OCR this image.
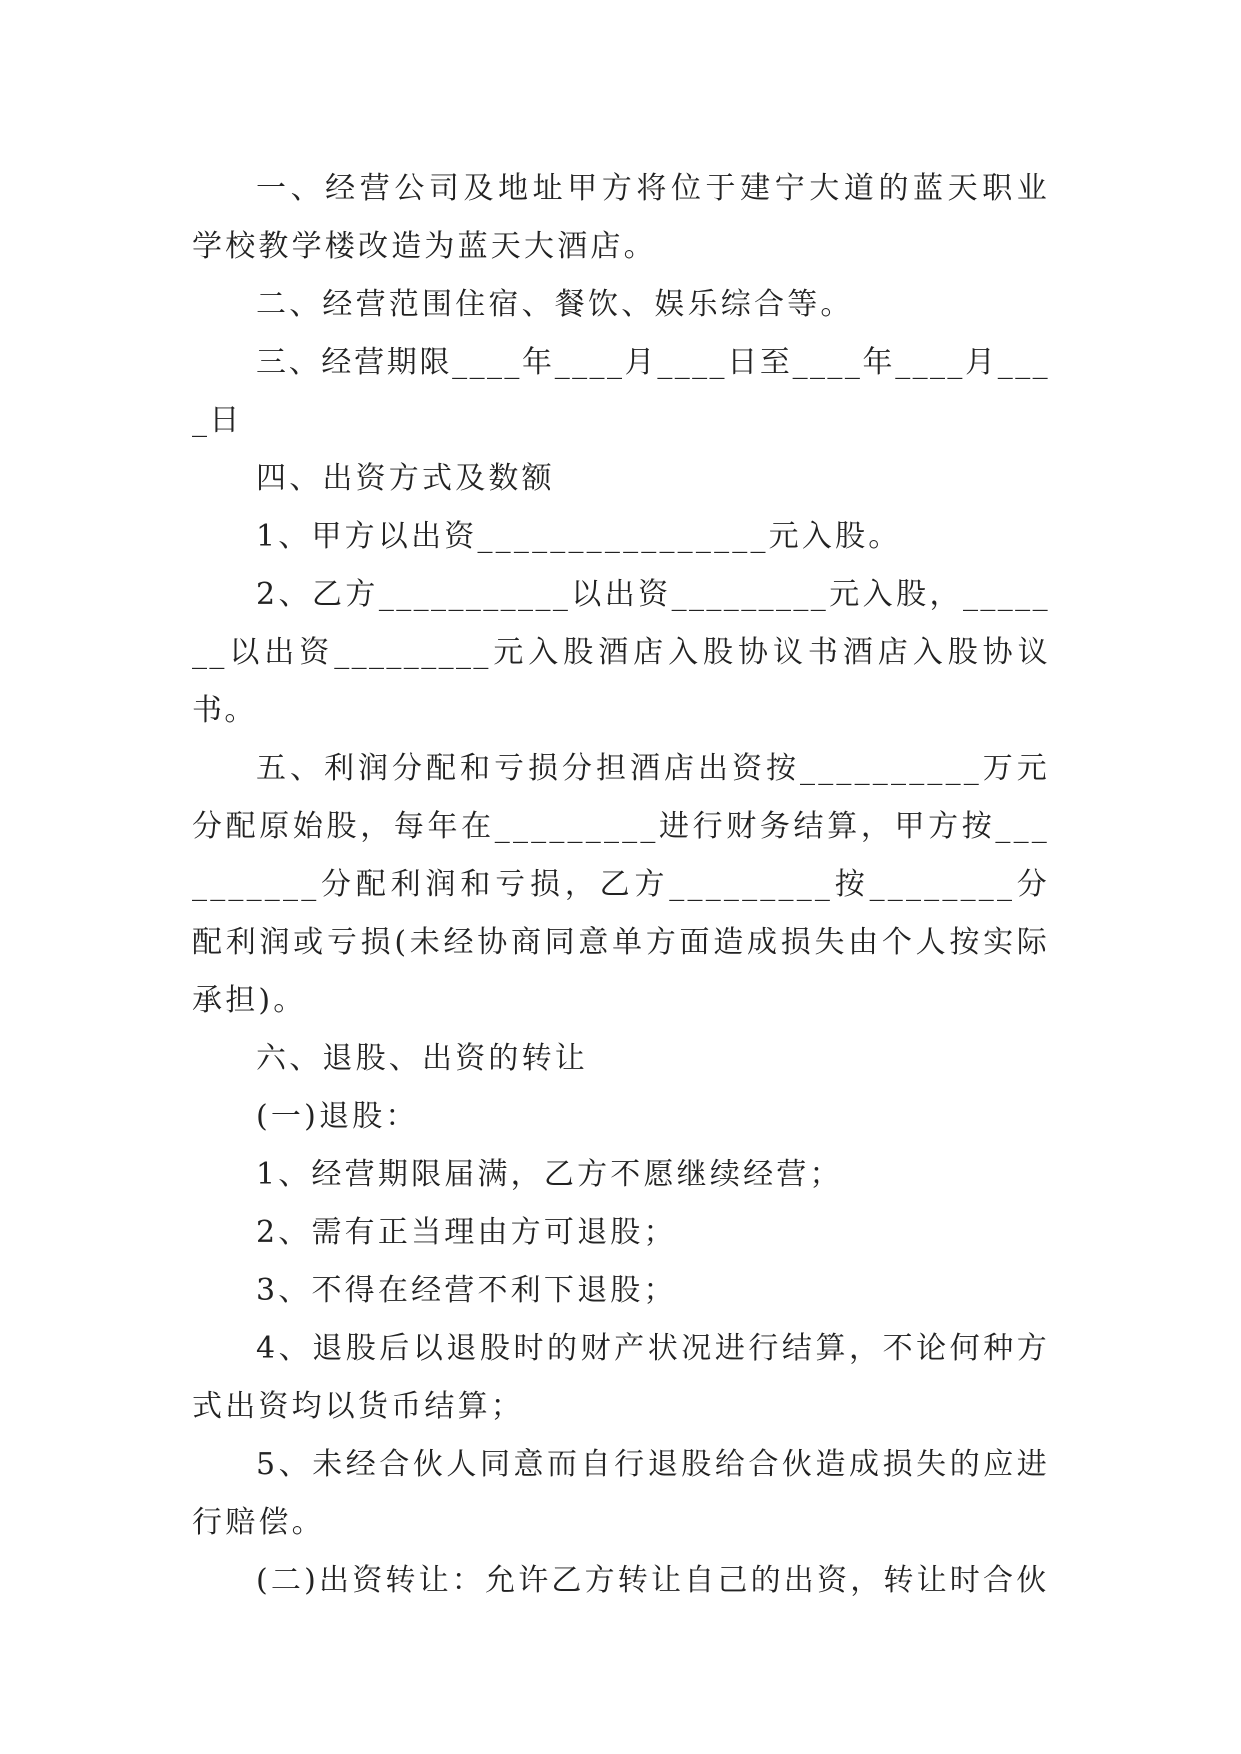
一、经营公司及地址甲方将位于建宁大道的蓝天职业学校教学楼改造为蓝天大酒店。

二、经营范围住宿、餐饮、娱乐综合等。

三、经营期限____年____月____日至____年____月____日

四、出资方式及数额

1、甲方以出资________________元入股。

2、乙方___________以出资_________元入股，_______以出资_________元入股酒店入股协议书酒店入股协议书。

五、利润分配和亏损分担酒店出资按__________万元分配原始股，每年在_________进行财务结算，甲方按__________分配利润和亏损，乙方_________按________分配利润或亏损(未经协商同意单方面造成损失由个人按实际承担)。

六、退股、出资的转让

(一)退股：

1、经营期限届满，乙方不愿继续经营；

2、需有正当理由方可退股；

3、不得在经营不利下退股；

4、退股后以退股时的财产状况进行结算，不论何种方式出资均以货币结算；

5、未经合伙人同意而自行退股给合伙造成损失的应进行赔偿。

(二)出资转让：允许乙方转让自己的出资，转让时合伙
